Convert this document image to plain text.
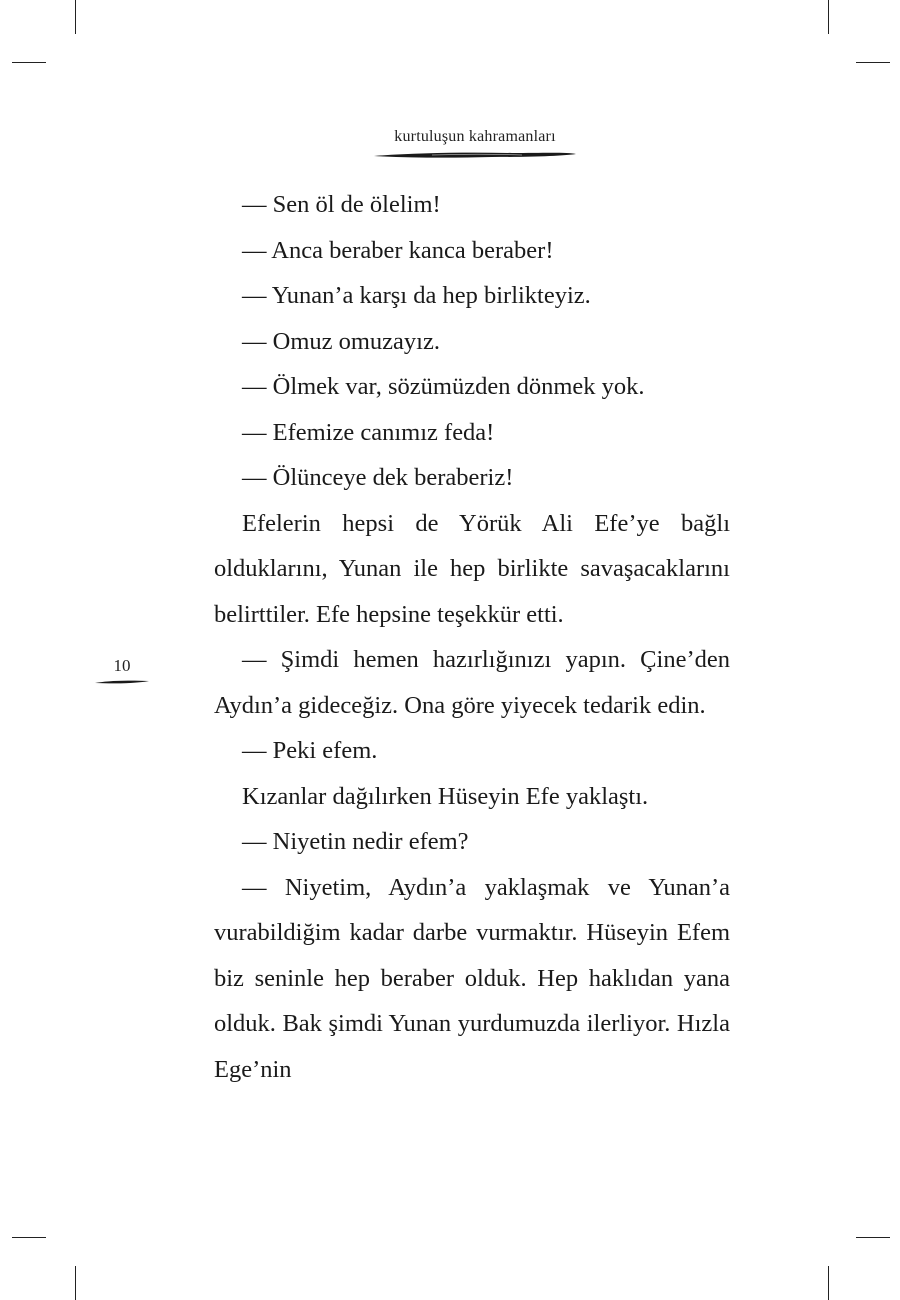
kurtuluşun kahramanları
10
— Sen öl de ölelim!
— Anca beraber kanca beraber!
— Yunan’a karşı da hep birlikteyiz.
— Omuz omuzayız.
— Ölmek var, sözümüzden dönmek yok.
— Efemize canımız feda!
— Ölünceye dek beraberiz!

Efelerin hepsi de Yörük Ali Efe’ye bağlı olduklarını, Yunan ile hep birlikte savaşacaklarını belirttiler. Efe hepsine teşekkür etti.

— Şimdi hemen hazırlığınızı yapın. Çine’den Aydın’a gideceğiz. Ona göre yiyecek tedarik edin.

— Peki efem.

Kızanlar dağılırken Hüseyin Efe yaklaştı.

— Niyetin nedir efem?

— Niyetim, Aydın’a yaklaşmak ve Yunan’a vurabildiğim kadar darbe vurmaktır. Hüseyin Efem biz seninle hep beraber olduk. Hep haklıdan yana olduk. Bak şimdi Yunan yurdumuzda ilerliyor. Hızla Ege’nin
